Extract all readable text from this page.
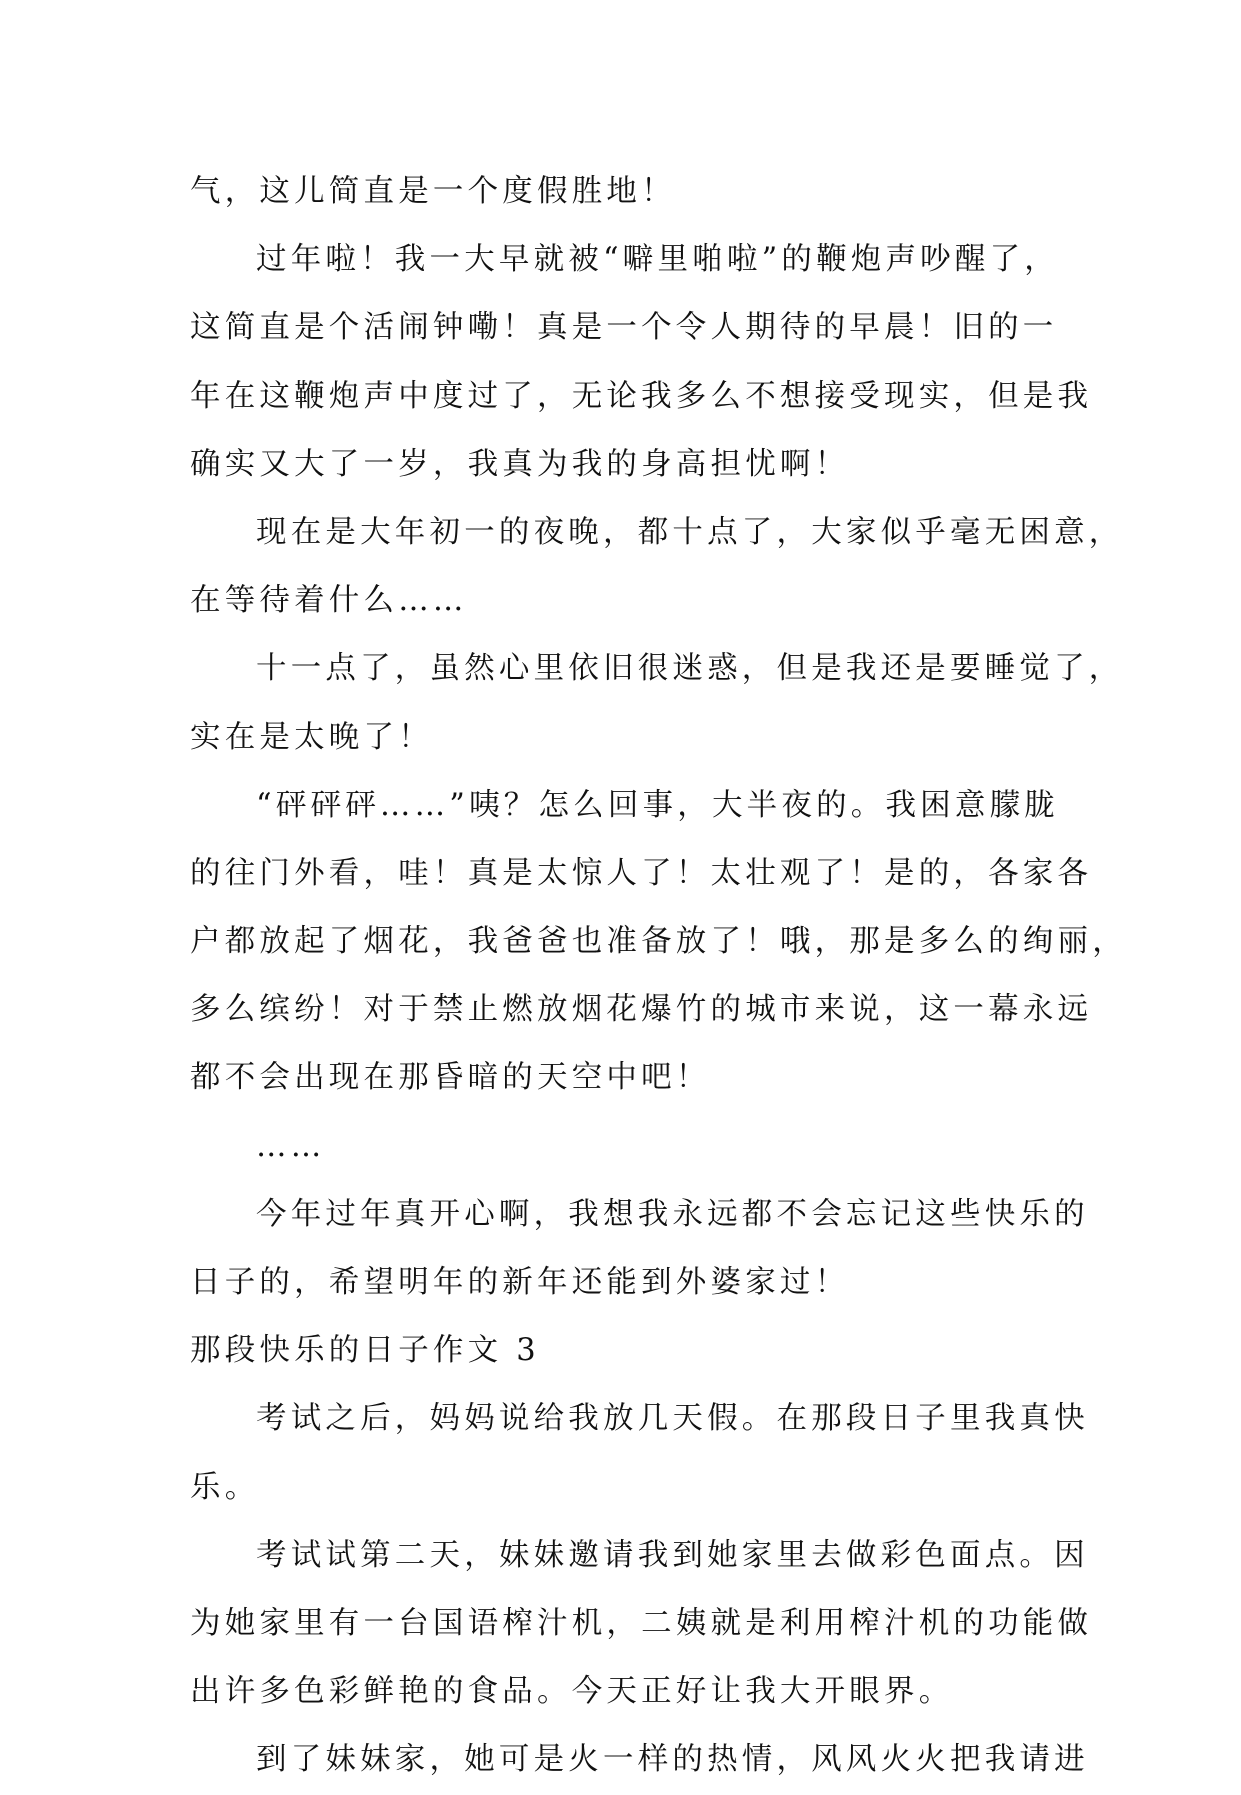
气，这儿简直是一个度假胜地！
过年啦！我一大早就被“噼里啪啦”的鞭炮声吵醒了，
这简直是个活闹钟嘞！真是一个令人期待的早晨！旧的一
年在这鞭炮声中度过了，无论我多么不想接受现实，但是我
确实又大了一岁，我真为我的身高担忧啊！
现在是大年初一的夜晚，都十点了，大家似乎毫无困意，
在等待着什么……
十一点了，虽然心里依旧很迷惑，但是我还是要睡觉了，
实在是太晚了！
“砰砰砰……”咦？怎么回事，大半夜的。我困意朦胧
的往门外看，哇！真是太惊人了！太壮观了！是的，各家各
户都放起了烟花，我爸爸也准备放了！哦，那是多么的绚丽，
多么缤纷！对于禁止燃放烟花爆竹的城市来说，这一幕永远
都不会出现在那昏暗的天空中吧！
……
今年过年真开心啊，我想我永远都不会忘记这些快乐的
日子的，希望明年的新年还能到外婆家过！
那段快乐的日子作文 3
考试之后，妈妈说给我放几天假。在那段日子里我真快
乐。
考试试第二天，妹妹邀请我到她家里去做彩色面点。因
为她家里有一台国语榨汁机，二姨就是利用榨汁机的功能做
出许多色彩鲜艳的食品。今天正好让我大开眼界。
到了妹妹家，她可是火一样的热情，风风火火把我请进
